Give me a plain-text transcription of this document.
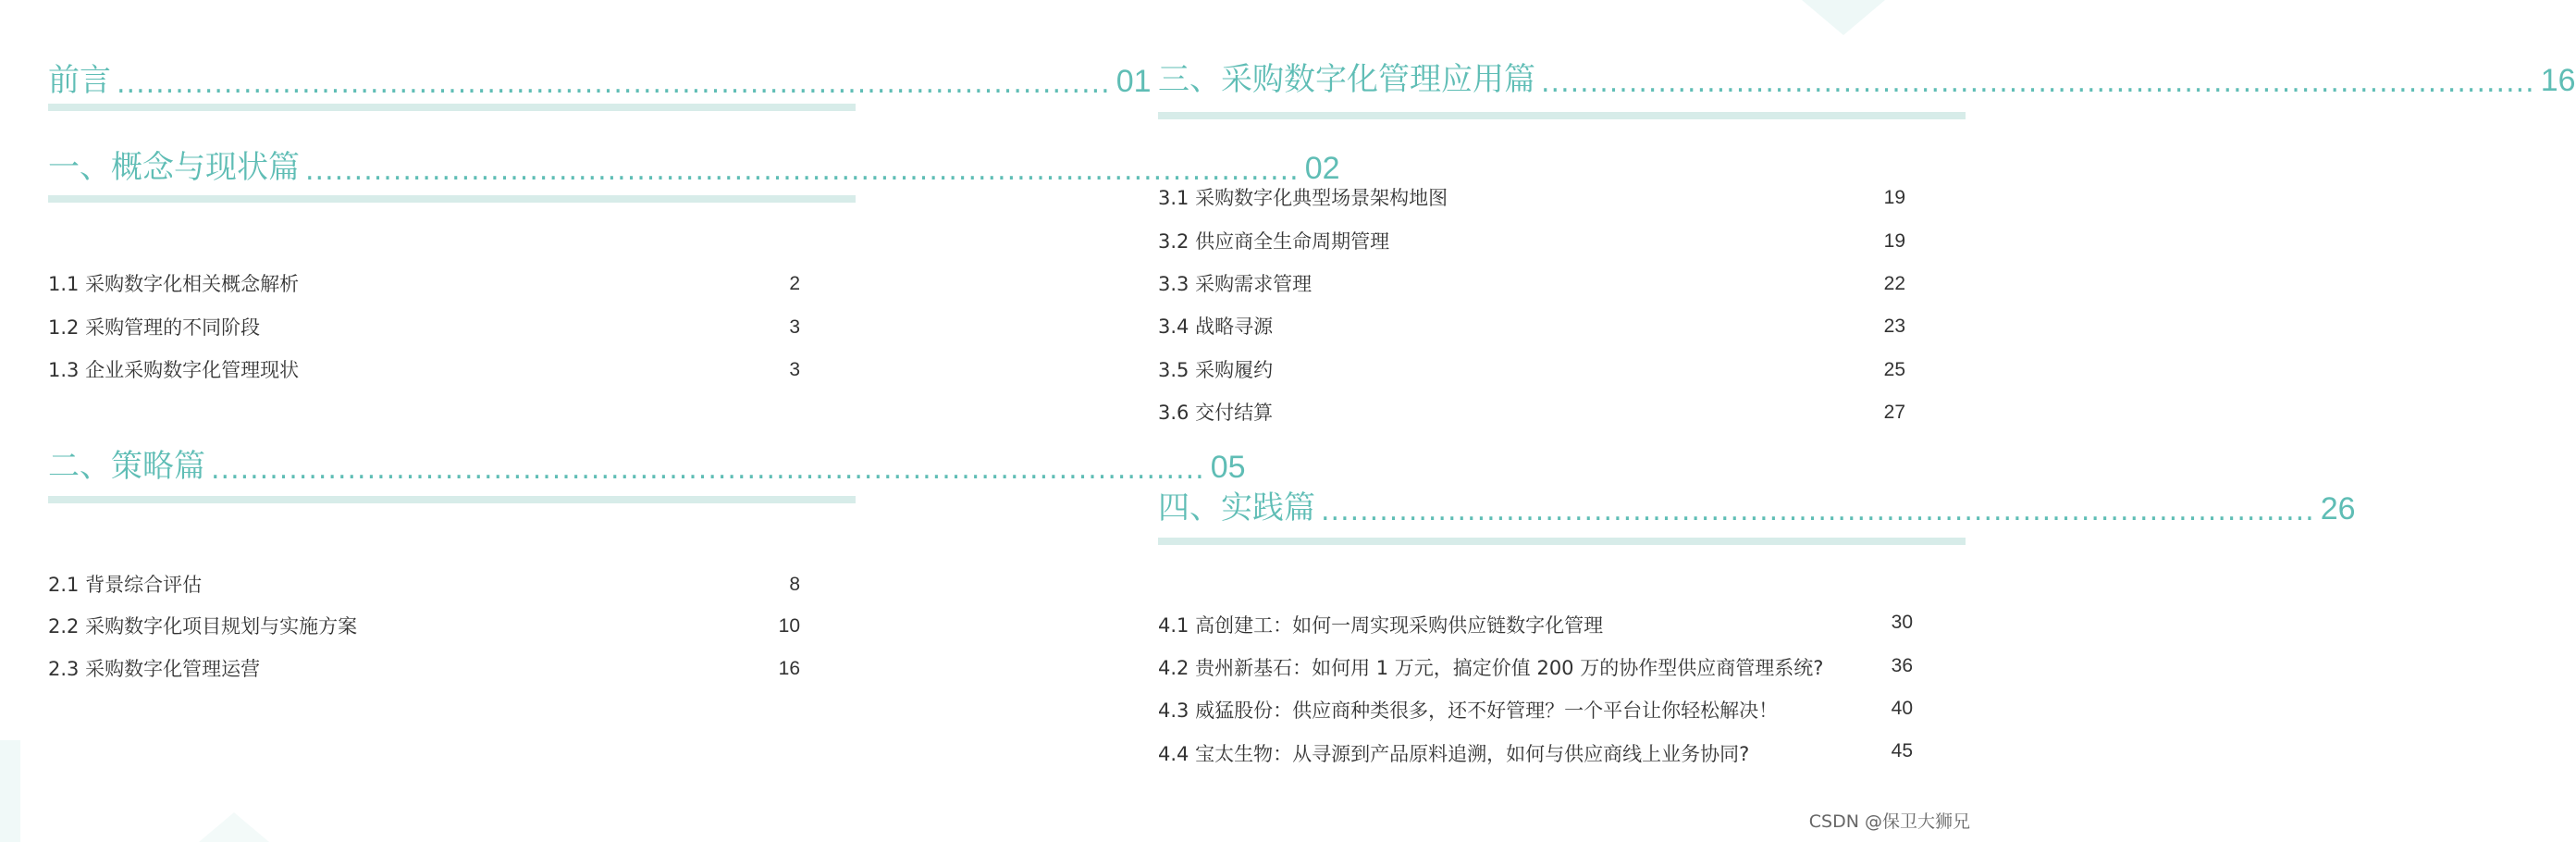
前言 ...................................................................................................... 01
一、概念与现状篇 ...................................................................................................... 02
1.1 采购数字化相关概念解析	2
1.2 采购管理的不同阶段	3
1.3 企业采购数字化管理现状	3
二、策略篇 ...................................................................................................... 05
2.1 背景综合评估	8
2.2 采购数字化项目规划与实施方案	10
2.3 采购数字化管理运营	16
三、采购数字化管理应用篇 ...................................................................................................... 16
3.1 采购数字化典型场景架构地图	19
3.2 供应商全生命周期管理	19
3.3 采购需求管理	22
3.4 战略寻源	23
3.5 采购履约	25
3.6 交付结算	27
四、实践篇 ...................................................................................................... 26
4.1 高创建工：如何一周实现采购供应链数字化管理	30
4.2 贵州新基石：如何用 1 万元，搞定价值 200 万的协作型供应商管理系统?	36
4.3 威猛股份：供应商种类很多，还不好管理？一个平台让你轻松解决！	40
4.4 宝太生物：从寻源到产品原料追溯，如何与供应商线上业务协同?	45
CSDN @保卫大狮兄
